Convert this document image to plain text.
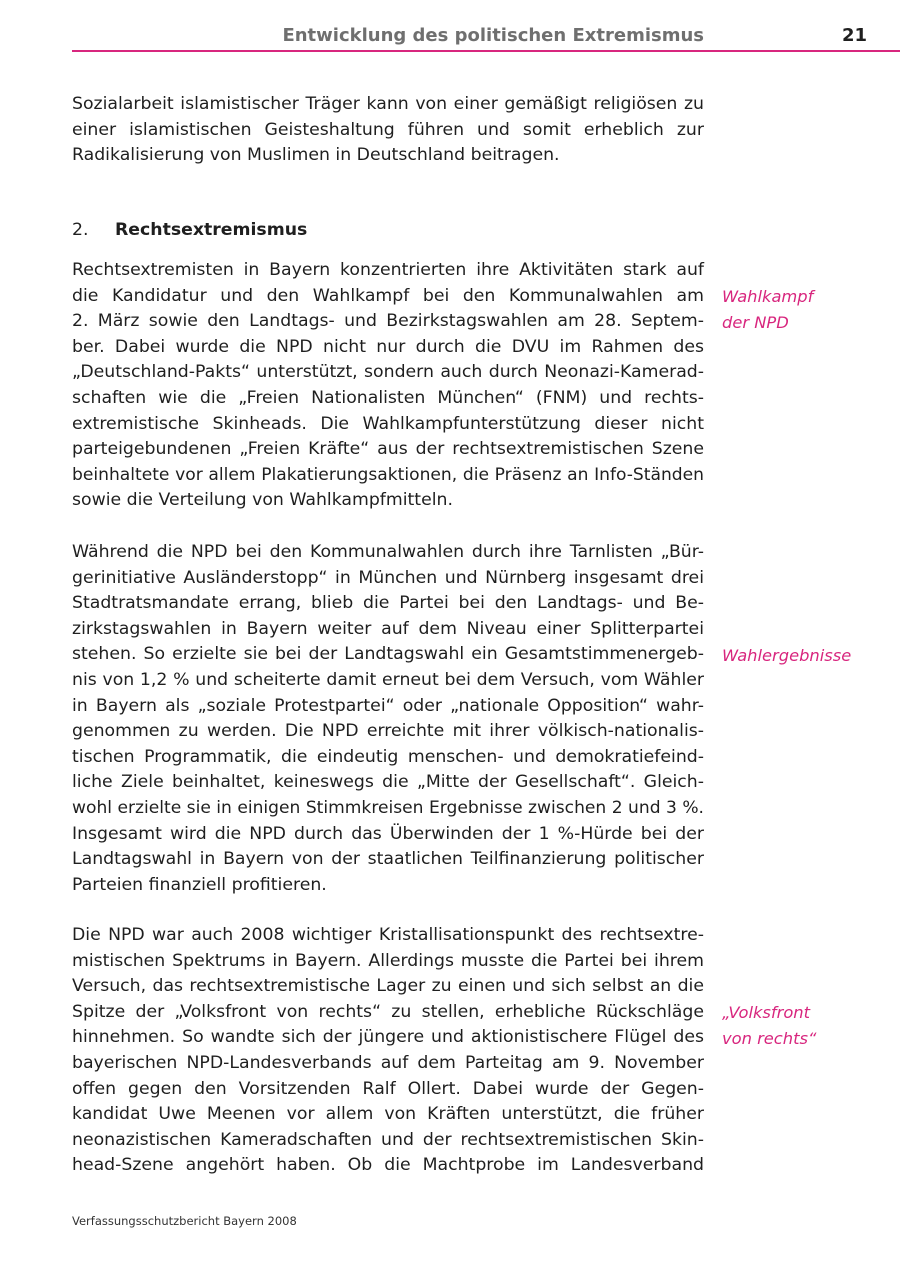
Entwicklung des politischen Extremismus	21
Sozialarbeit islamistischer Träger kann von einer gemäßigt religiösen zu
einer islamistischen Geisteshaltung führen und somit erheblich zur
Radikalisierung von Muslimen in Deutschland beitragen.
2. Rechtsextremismus
Rechtsextremisten in Bayern konzentrierten ihre Aktivitäten stark auf
die Kandidatur und den Wahlkampf bei den Kommunalwahlen am
2. März sowie den Landtags- und Bezirkstagswahlen am 28. Septem-
ber. Dabei wurde die NPD nicht nur durch die DVU im Rahmen des
„Deutschland-Pakts“ unterstützt, sondern auch durch Neonazi-Kamerad-
schaften wie die „Freien Nationalisten München“ (FNM) und rechts-
extremistische Skinheads. Die Wahlkampfunterstützung dieser nicht
parteigebundenen „Freien Kräfte“ aus der rechtsextremistischen Szene
beinhaltete vor allem Plakatierungsaktionen, die Präsenz an Info-Ständen
sowie die Verteilung von Wahlkampfmitteln.
Wahlkampf
der NPD
Während die NPD bei den Kommunalwahlen durch ihre Tarnlisten „Bür-
gerinitiative Ausländerstopp“ in München und Nürnberg insgesamt drei
Stadtratsmandate errang, blieb die Partei bei den Landtags- und Be-
zirkstagswahlen in Bayern weiter auf dem Niveau einer Splitterpartei
stehen. So erzielte sie bei der Landtagswahl ein Gesamtstimmenergeb-
nis von 1,2 % und scheiterte damit erneut bei dem Versuch, vom Wähler
in Bayern als „soziale Protestpartei“ oder „nationale Opposition“ wahr-
genommen zu werden. Die NPD erreichte mit ihrer völkisch-nationalis-
tischen Programmatik, die eindeutig menschen- und demokratiefeind-
liche Ziele beinhaltet, keineswegs die „Mitte der Gesellschaft“. Gleich-
wohl erzielte sie in einigen Stimmkreisen Ergebnisse zwischen 2 und 3 %.
Insgesamt wird die NPD durch das Überwinden der 1 %-Hürde bei der
Landtagswahl in Bayern von der staatlichen Teilfinanzierung politischer
Parteien finanziell profitieren.
Wahlergebnisse
Die NPD war auch 2008 wichtiger Kristallisationspunkt des rechtsextre-
mistischen Spektrums in Bayern. Allerdings musste die Partei bei ihrem
Versuch, das rechtsextremistische Lager zu einen und sich selbst an die
Spitze der „Volksfront von rechts“ zu stellen, erhebliche Rückschläge
hinnehmen. So wandte sich der jüngere und aktionistischere Flügel des
bayerischen NPD-Landesverbands auf dem Parteitag am 9. November
offen gegen den Vorsitzenden Ralf Ollert. Dabei wurde der Gegen-
kandidat Uwe Meenen vor allem von Kräften unterstützt, die früher
neonazistischen Kameradschaften und der rechtsextremistischen Skin-
head-Szene angehört haben. Ob die Machtprobe im Landesverband
„Volksfront
von rechts“
Verfassungsschutzbericht Bayern 2008
